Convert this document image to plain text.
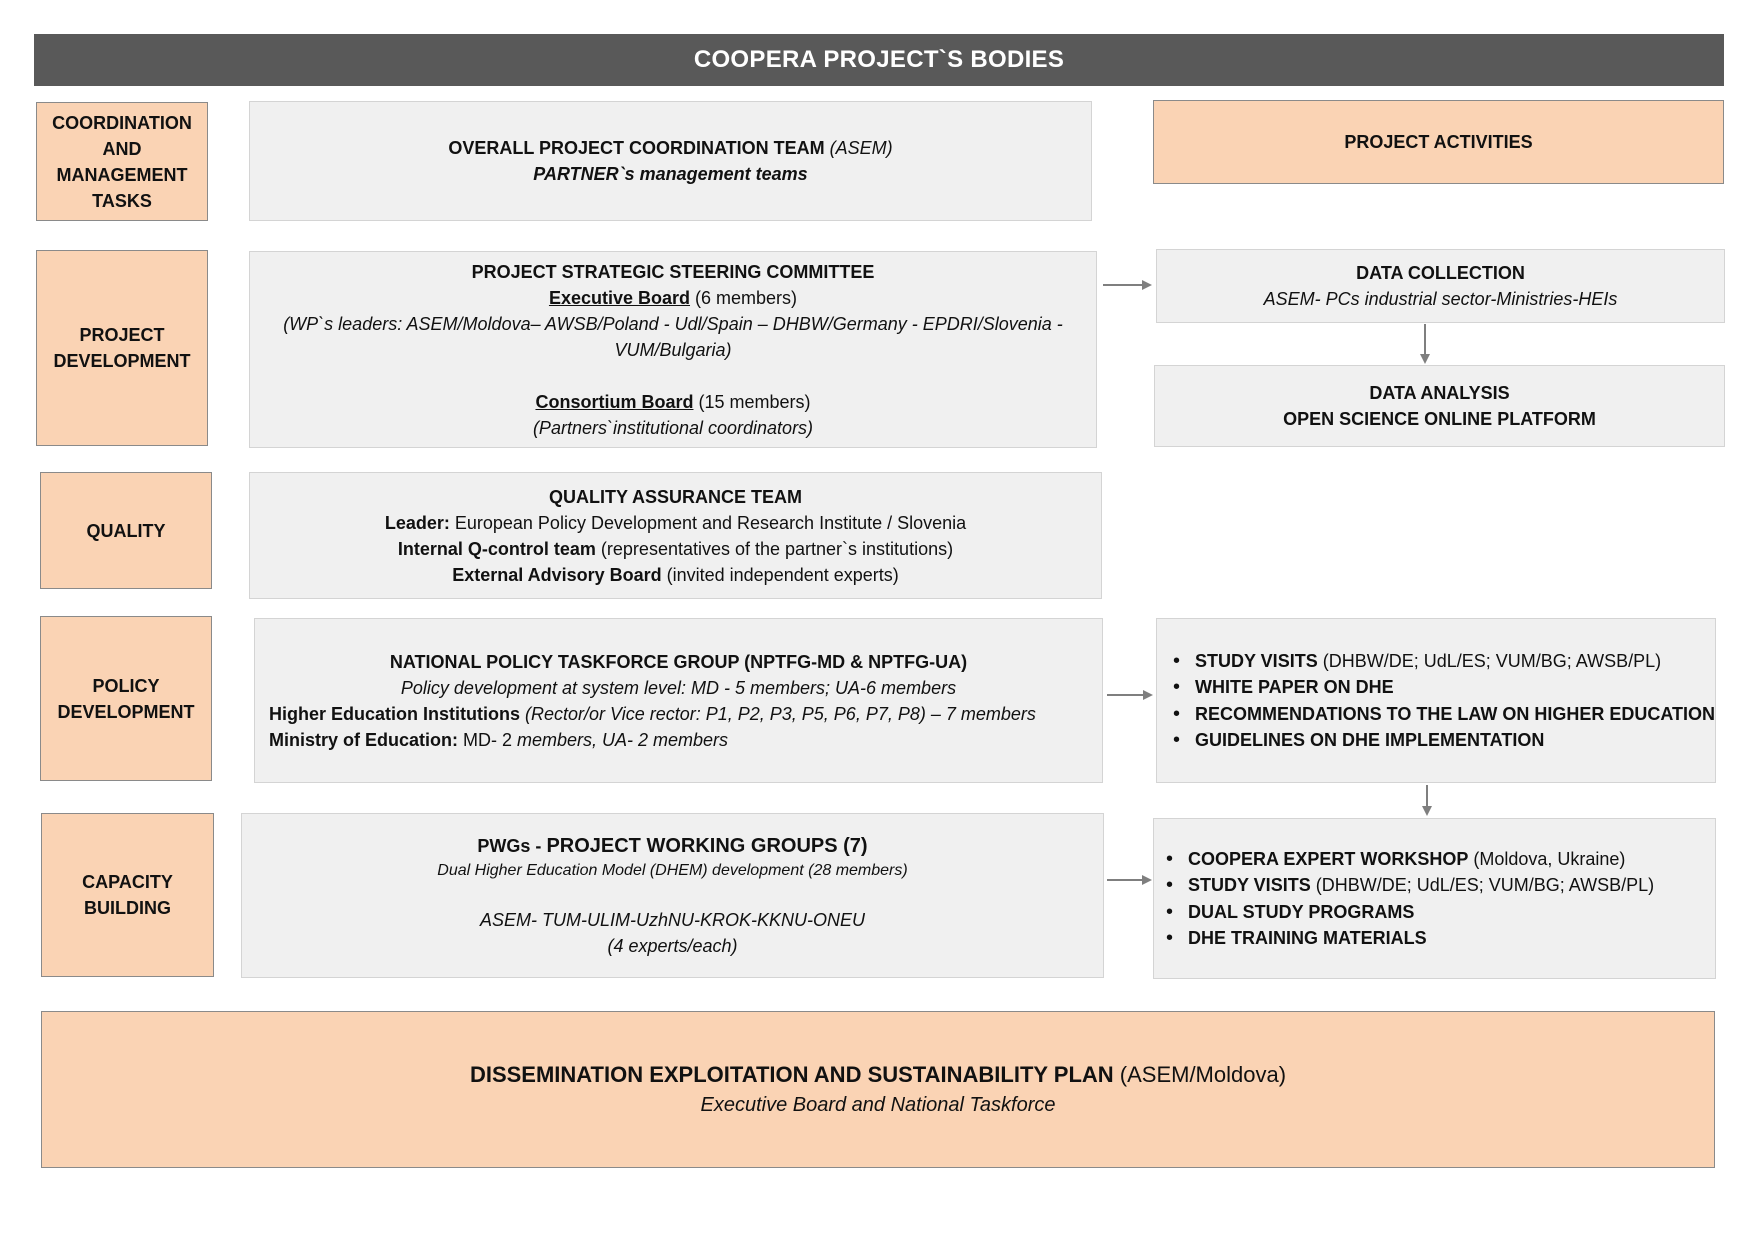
COOPERA PROJECT`S BODIES
COORDINATION
AND
MANAGEMENT
TASKS
PROJECT
DEVELOPMENT
QUALITY
POLICY
DEVELOPMENT
CAPACITY
BUILDING
OVERALL PROJECT COORDINATION TEAM (ASEM)
PARTNER`s management teams
PROJECT STRATEGIC STEERING COMMITTEE
Executive Board (6 members)
(WP`s leaders: ASEM/Moldova– AWSB/Poland - Udl/Spain – DHBW/Germany - EPDRI/Slovenia - VUM/Bulgaria)
Consortium Board (15 members)
(Partners`institutional coordinators)
QUALITY ASSURANCE TEAM
Leader: European Policy Development and Research Institute / Slovenia
Internal Q-control team (representatives of the partner`s institutions)
External Advisory Board (invited independent experts)
NATIONAL POLICY TASKFORCE GROUP (NPTFG-MD & NPTFG-UA)
Policy development at system level: MD - 5 members; UA-6 members
Higher Education Institutions (Rector/or Vice rector: P1, P2, P3, P5, P6, P7, P8) – 7 members
Ministry of Education: MD- 2 members, UA- 2 members
PWGs - PROJECT WORKING GROUPS (7)
Dual Higher Education Model (DHEM) development (28 members)
ASEM- TUM-ULIM-UzhNU-KROK-KKNU-ONEU
(4 experts/each)
PROJECT ACTIVITIES
DATA COLLECTION
ASEM- PCs industrial sector-Ministries-HEIs
DATA ANALYSIS
OPEN SCIENCE ONLINE PLATFORM
• STUDY VISITS (DHBW/DE; UdL/ES; VUM/BG; AWSB/PL)
• WHITE PAPER ON DHE
• RECOMMENDATIONS TO THE LAW ON HIGHER EDUCATION
• GUIDELINES ON DHE IMPLEMENTATION
• COOPERA EXPERT WORKSHOP (Moldova, Ukraine)
• STUDY VISITS (DHBW/DE; UdL/ES; VUM/BG; AWSB/PL)
• DUAL STUDY PROGRAMS
• DHE TRAINING MATERIALS
DISSEMINATION EXPLOITATION AND SUSTAINABILITY PLAN (ASEM/Moldova)
Executive Board and National Taskforce
